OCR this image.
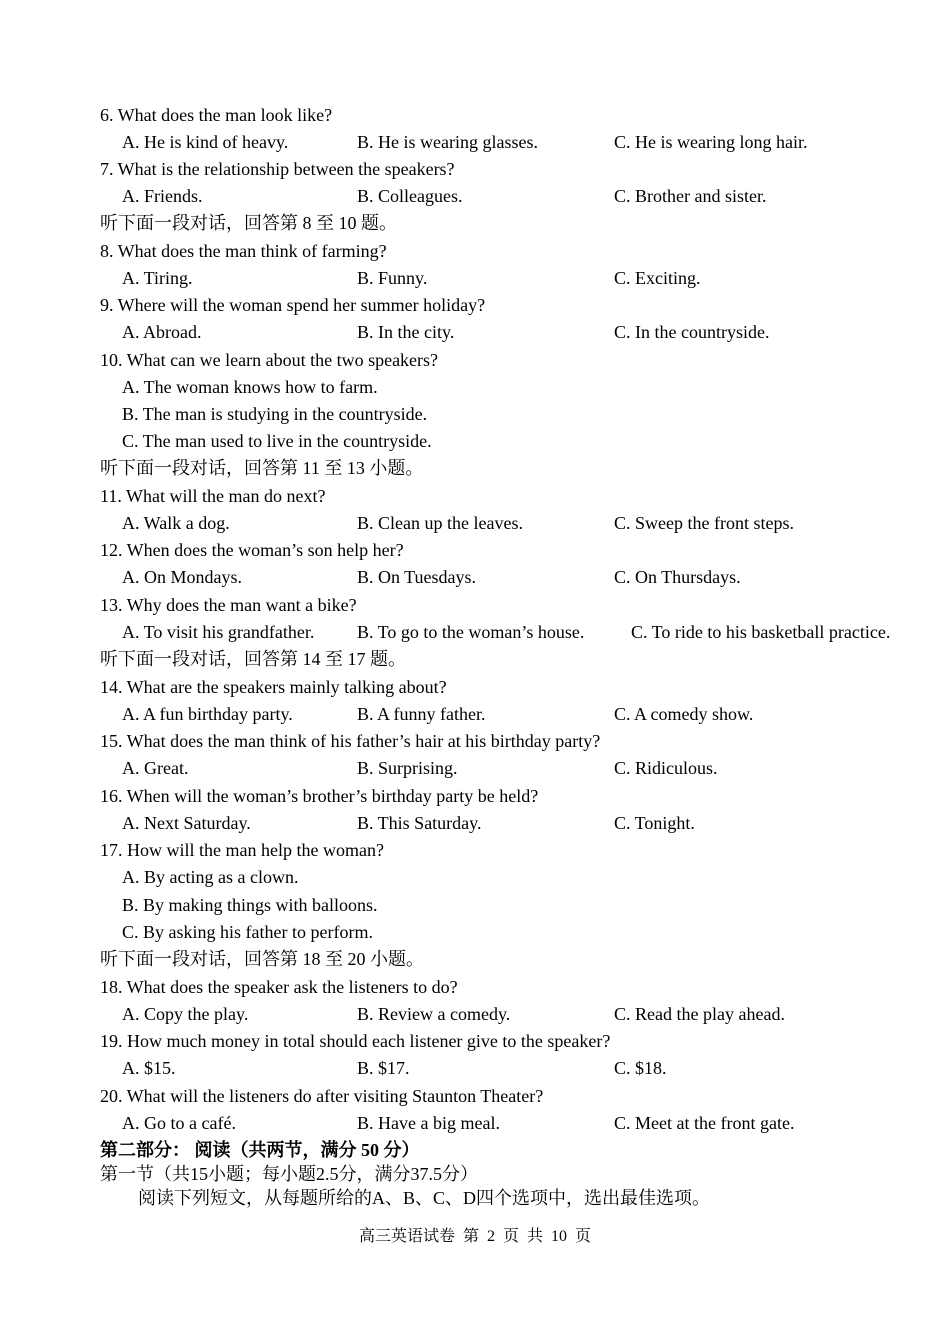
6. What does the man look like?
A. He is kind of heavy.	B. He is wearing glasses.	C. He is wearing long hair.
7. What is the relationship between the speakers?
A. Friends.	B. Colleagues.	C. Brother and sister.
听下面一段对话，回答第 8 至 10 题。
8. What does the man think of farming?
A. Tiring.	B. Funny.	C. Exciting.
9. Where will the woman spend her summer holiday?
A. Abroad.	B. In the city.	C. In the countryside.
10. What can we learn about the two speakers?
A. The woman knows how to farm.
B. The man is studying in the countryside.
C. The man used to live in the countryside.
听下面一段对话，回答第 11 至 13 小题。
11. What will the man do next?
A. Walk a dog.	B. Clean up the leaves.	C. Sweep the front steps.
12. When does the woman’s son help her?
A. On Mondays.	B. On Tuesdays.	C. On Thursdays.
13. Why does the man want a bike?
A. To visit his grandfather. B. To go to the woman’s house.	C. To ride to his basketball practice.
听下面一段对话，回答第 14 至 17 题。
14. What are the speakers mainly talking about?
A. A fun birthday party.	B. A funny father.	C. A comedy show.
15. What does the man think of his father’s hair at his birthday party?
A. Great.	B. Surprising.	C. Ridiculous.
16. When will the woman’s brother’s birthday party be held?
A. Next Saturday.	B. This Saturday.	C. Tonight.
17. How will the man help the woman?
A. By acting as a clown.
B. By making things with balloons.
C. By asking his father to perform.
听下面一段对话，回答第 18 至 20 小题。
18. What does the speaker ask the listeners to do?
A. Copy the play.	B. Review a comedy.	C. Read the play ahead.
19. How much money in total should each listener give to the speaker?
A. $15.	B. $17.	C. $18.
20. What will the listeners do after visiting Staunton Theater?
A. Go to a café.	B. Have a big meal.	C. Meet at the front gate.
第二部分： 阅读（共两节，满分 50 分）
第一节（共15小题；每小题2.5分，满分37.5分）
阅读下列短文，从每题所给的A、B、C、D四个选项中，选出最佳选项。
高三英语试卷 第 2 页 共 10 页
